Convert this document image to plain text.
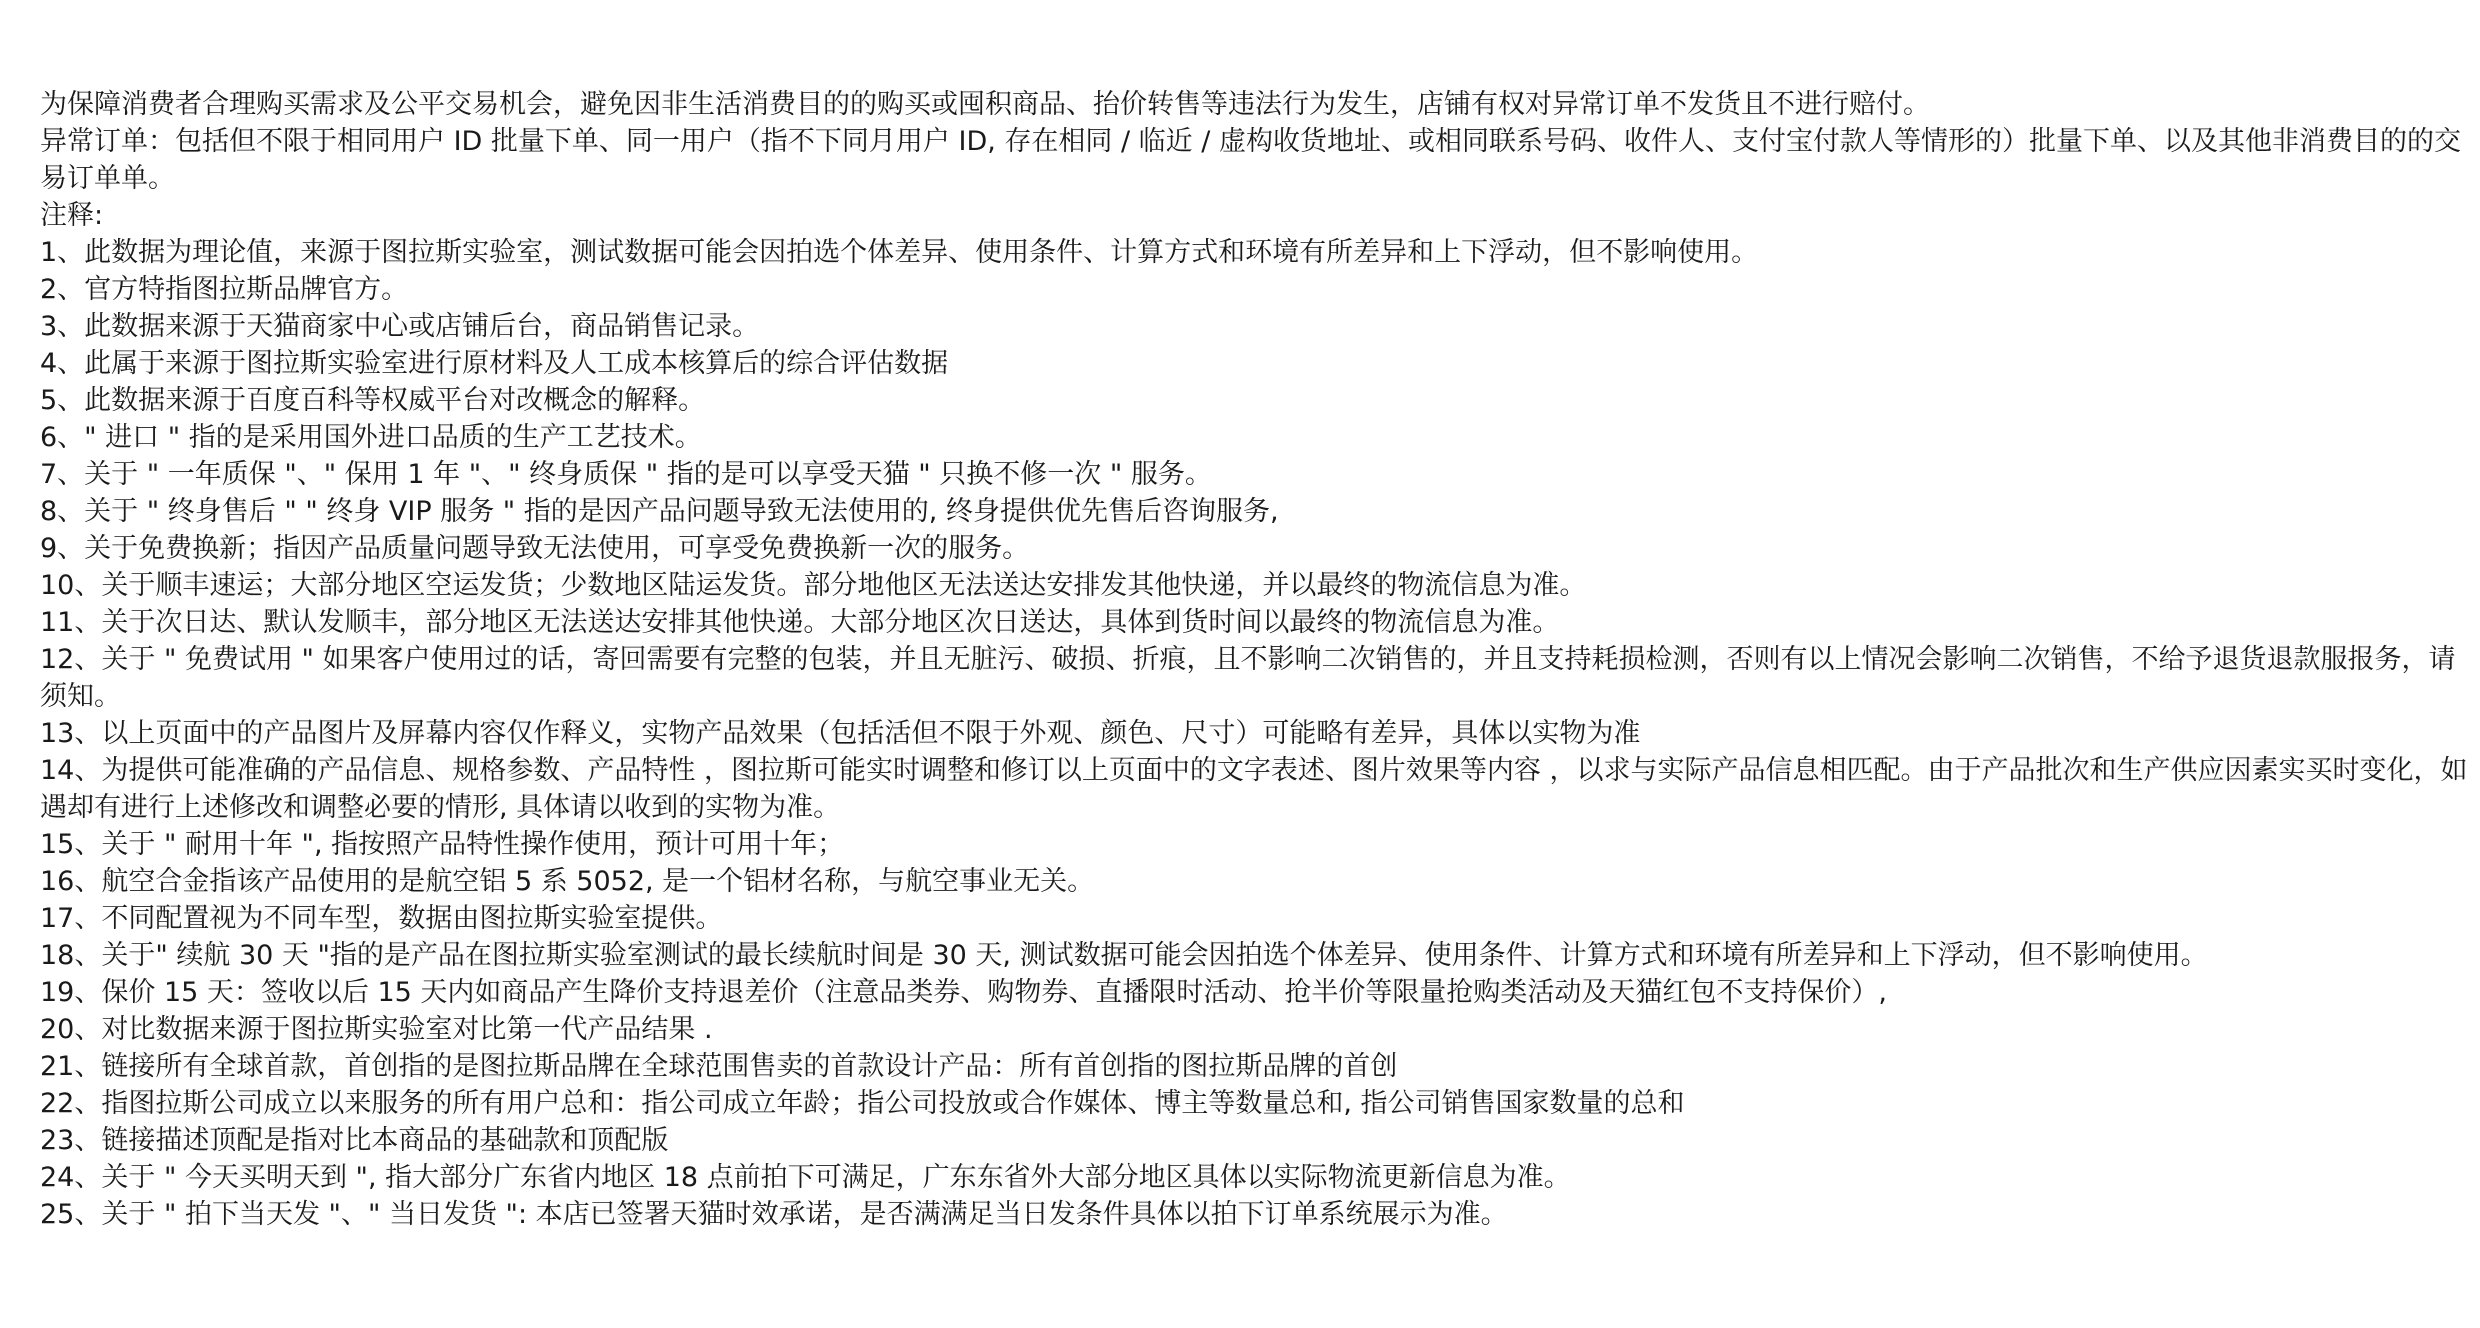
为保障消费者合理购买需求及公平交易机会，避免因非生活消费目的的购买或囤积商品、抬价转售等违法行为发生，店铺有权对异常订单不发货且不进行赔付。
异常订单：包括但不限于相同用户 ID 批量下单、同一用户（指不下同月用户 ID, 存在相同 / 临近 / 虚构收货地址、或相同联系号码、收件人、支付宝付款人等情形的）批量下单、以及其他非消费目的的交易订单单。
注释:
1、此数据为理论值，来源于图拉斯实验室，测试数据可能会因拍选个体差异、使用条件、计算方式和环境有所差异和上下浮动，但不影响使用。
2、官方特指图拉斯品牌官方。
3、此数据来源于天猫商家中心或店铺后台，商品销售记录。
4、此属于来源于图拉斯实验室进行原材料及人工成本核算后的综合评估数据
5、此数据来源于百度百科等权威平台对改概念的解释。
6、" 进口 " 指的是采用国外进口品质的生产工艺技术。
7、关于 " 一年质保 "、" 保用 1 年 "、" 终身质保 " 指的是可以享受天猫 " 只换不修一次 " 服务。
8、关于 " 终身售后 " " 终身 VIP 服务 " 指的是因产品问题导致无法使用的, 终身提供优先售后咨询服务,
9、关于免费换新；指因产品质量问题导致无法使用，可享受免费换新一次的服务。
10、关于顺丰速运；大部分地区空运发货；少数地区陆运发货。部分地他区无法送达安排发其他快递，并以最终的物流信息为准。
11、关于次日达、默认发顺丰，部分地区无法送达安排其他快递。大部分地区次日送达，具体到货时间以最终的物流信息为准。
12、关于 " 免费试用 " 如果客户使用过的话，寄回需要有完整的包装，并且无脏污、破损、折痕，且不影响二次销售的，并且支持耗损检测，否则有以上情况会影响二次销售，不给予退货退款服报务，请须知。
13、以上页面中的产品图片及屏幕内容仅作释义，实物产品效果（包括活但不限于外观、颜色、尺寸）可能略有差异，具体以实物为准
14、为提供可能准确的产品信息、规格参数、产品特性 ，图拉斯可能实时调整和修订以上页面中的文字表述、图片效果等内容 ，以求与实际产品信息相匹配。由于产品批次和生产供应因素实买时变化，如遇却有进行上述修改和调整必要的情形, 具体请以收到的实物为准。
15、关于 " 耐用十年 ", 指按照产品特性操作使用，预计可用十年；
16、航空合金指该产品使用的是航空铝 5 系 5052, 是一个铝材名称，与航空事业无关。
17、不同配置视为不同车型，数据由图拉斯实验室提供。
18、关于" 续航 30 天 "指的是产品在图拉斯实验室测试的最长续航时间是 30 天, 测试数据可能会因拍选个体差异、使用条件、计算方式和环境有所差异和上下浮动，但不影响使用。
19、保价 15 天：签收以后 15 天内如商品产生降价支持退差价（注意品类券、购物券、直播限时活动、抢半价等限量抢购类活动及天猫红包不支持保价）,
20、对比数据来源于图拉斯实验室对比第一代产品结果 .
21、链接所有全球首款，首创指的是图拉斯品牌在全球范围售卖的首款设计产品：所有首创指的图拉斯品牌的首创
22、指图拉斯公司成立以来服务的所有用户总和：指公司成立年龄；指公司投放或合作媒体、博主等数量总和, 指公司销售国家数量的总和
23、链接描述顶配是指对比本商品的基础款和顶配版
24、关于 " 今天买明天到 ", 指大部分广东省内地区 18 点前拍下可满足，广东东省外大部分地区具体以实际物流更新信息为准。
25、关于 " 拍下当天发 "、" 当日发货 ": 本店已签署天猫时效承诺，是否满满足当日发条件具体以拍下订单系统展示为准。
